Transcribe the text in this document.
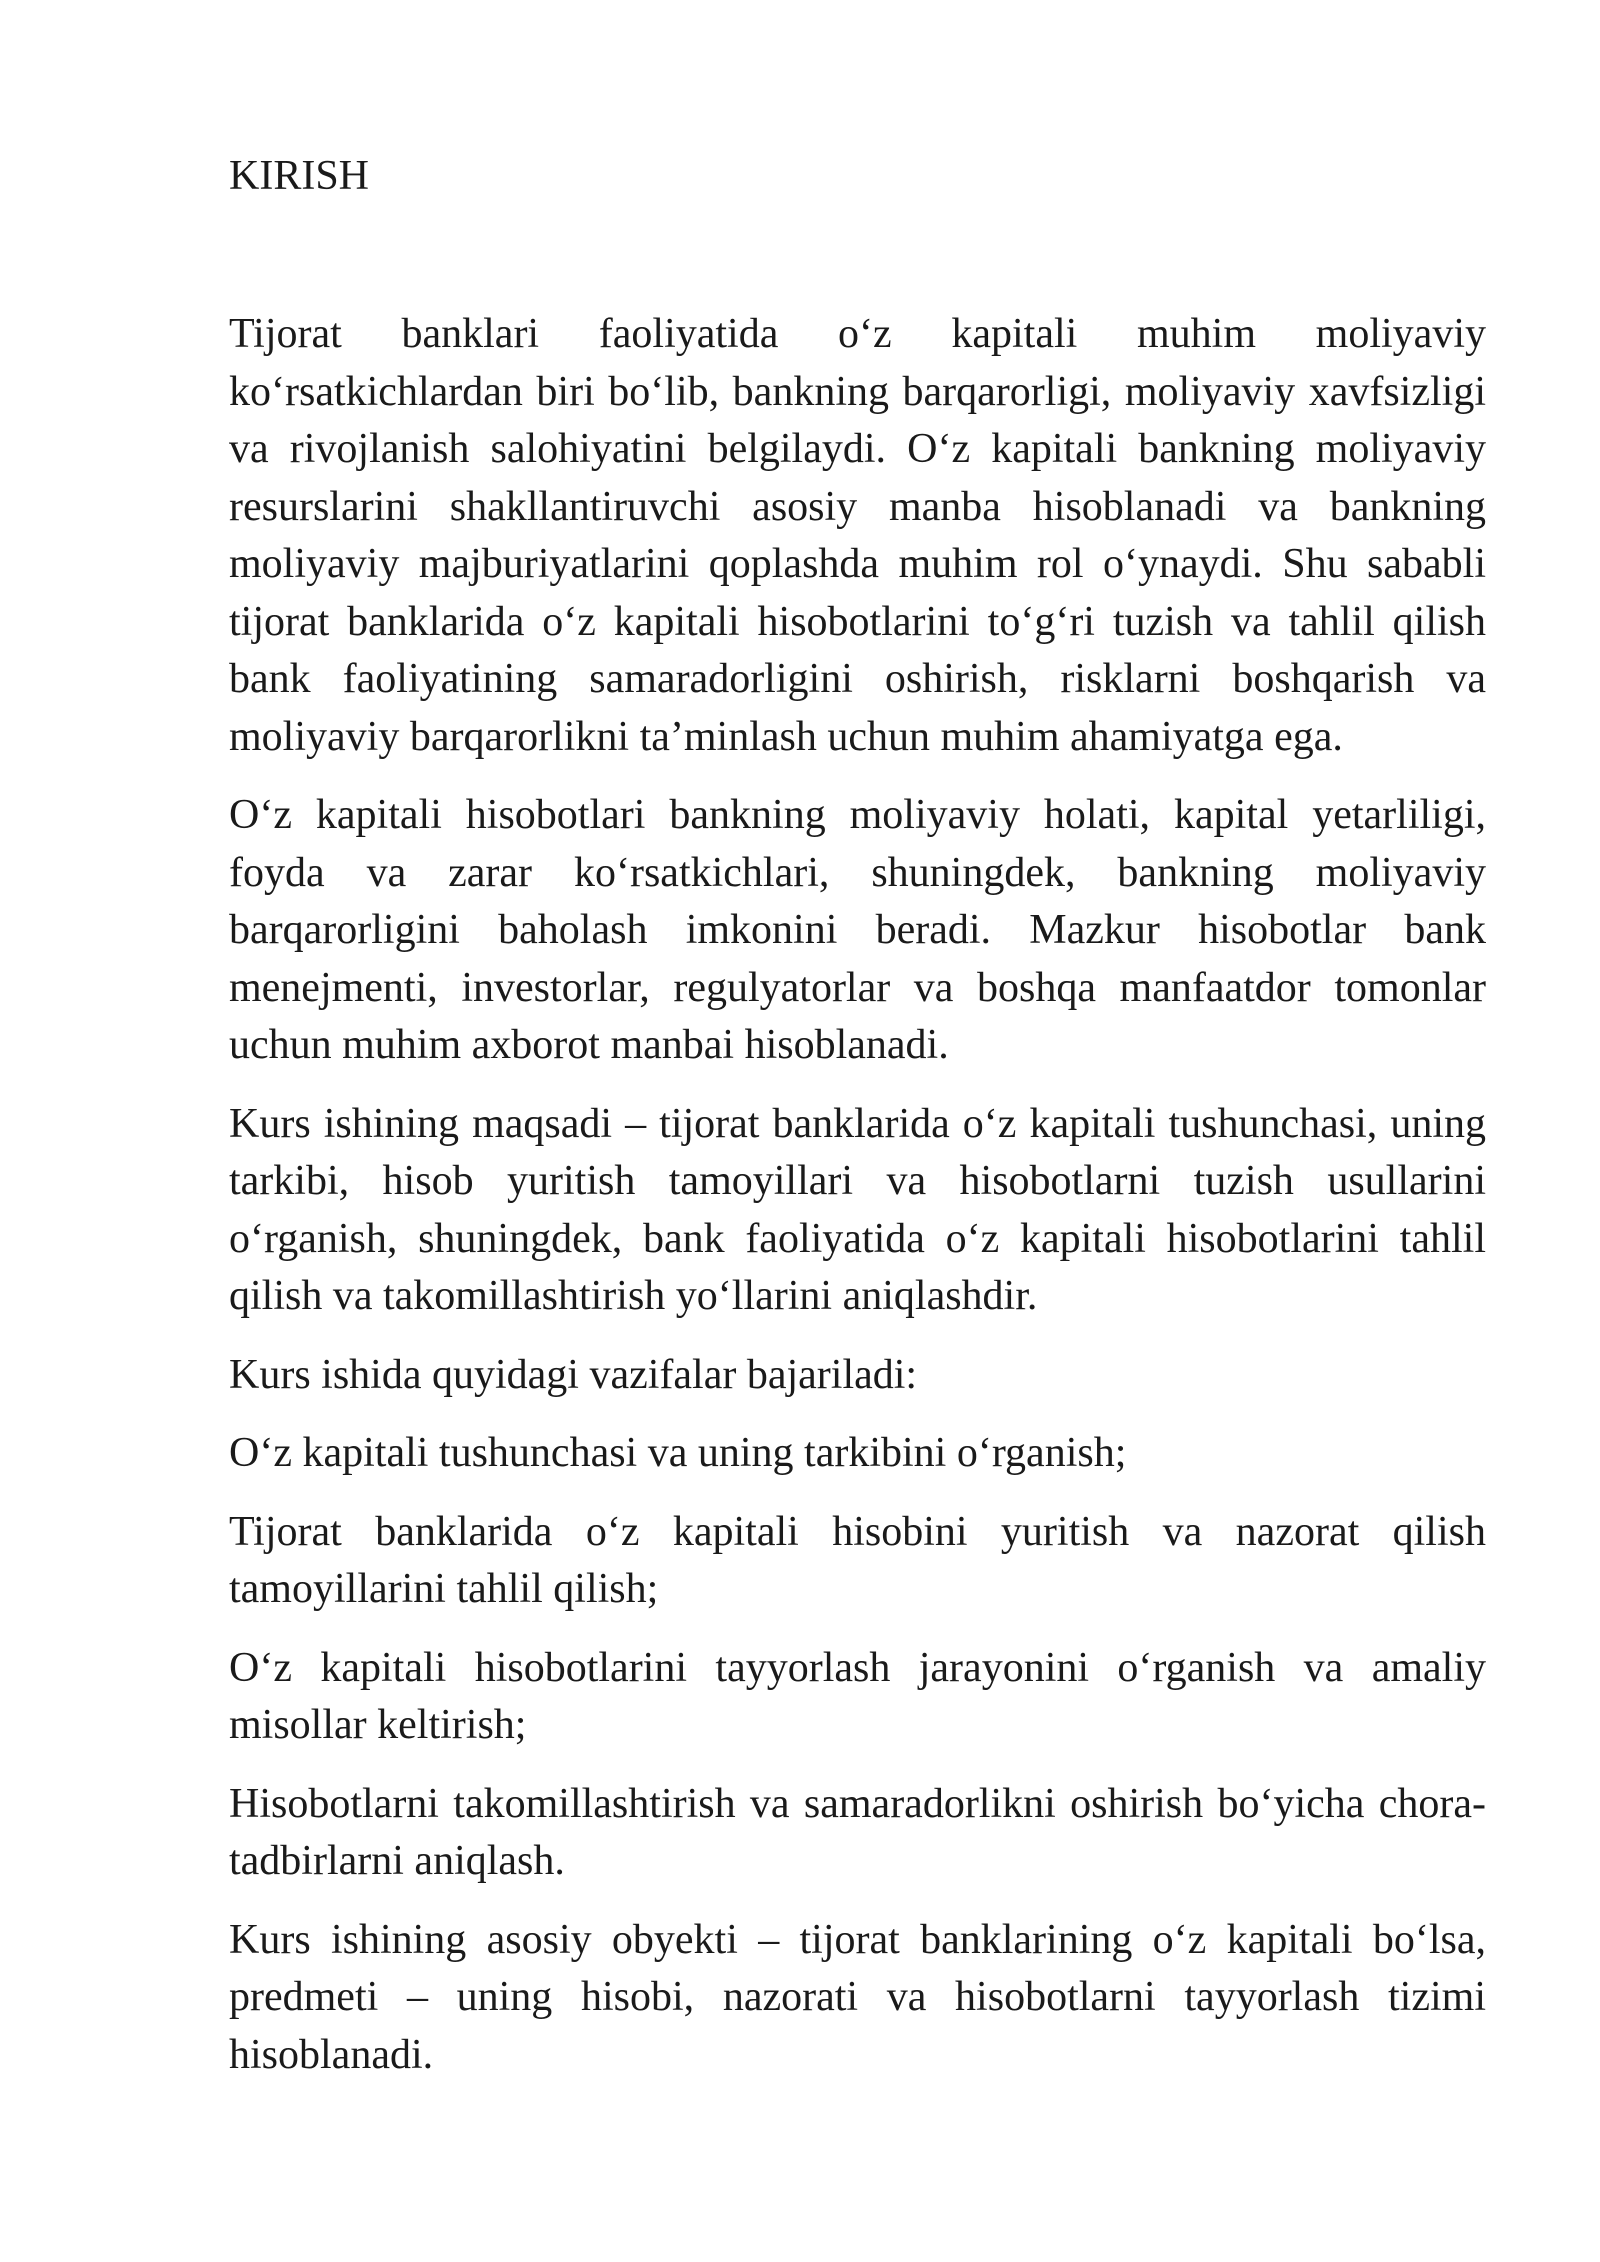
KIRISH

Tijorat banklari faoliyatida o‘z kapitali muhim moliyaviy ko‘rsatkichlardan biri bo‘lib, bankning barqarorligi, moliyaviy xavfsizligi va rivojlanish salohiyatini belgilaydi. O‘z kapitali bankning moliyaviy resurslarini shakllantiruvchi asosiy manba hisoblanadi va bankning moliyaviy majburiyatlarini qoplashda muhim rol o‘ynaydi. Shu sababli tijorat banklarida o‘z kapitali hisobotlarini to‘g‘ri tuzish va tahlil qilish bank faoliyatining samaradorligini oshirish, risklarni boshqarish va moliyaviy barqarorlikni ta’minlash uchun muhim ahamiyatga ega.

O‘z kapitali hisobotlari bankning moliyaviy holati, kapital yetarliligi, foyda va zarar ko‘rsatkichlari, shuningdek, bankning moliyaviy barqarorligini baholash imkonini beradi. Mazkur hisobotlar bank menejmenti, investorlar, regulyatorlar va boshqa manfaatdor tomonlar uchun muhim axborot manbai hisoblanadi.

Kurs ishining maqsadi – tijorat banklarida o‘z kapitali tushunchasi, uning tarkibi, hisob yuritish tamoyillari va hisobotlarni tuzish usullarini o‘rganish, shuningdek, bank faoliyatida o‘z kapitali hisobotlarini tahlil qilish va takomillashtirish yo‘llarini aniqlashdir.

Kurs ishida quyidagi vazifalar bajariladi:

O‘z kapitali tushunchasi va uning tarkibini o‘rganish;

Tijorat banklarida o‘z kapitali hisobini yuritish va nazorat qilish tamoyillarini tahlil qilish;

O‘z kapitali hisobotlarini tayyorlash jarayonini o‘rganish va amaliy misollar keltirish;

Hisobotlarni takomillashtirish va samaradorlikni oshirish bo‘yicha chora-tadbirlarni aniqlash.

Kurs ishining asosiy obyekti – tijorat banklarining o‘z kapitali bo‘lsa, predmeti – uning hisobi, nazorati va hisobotlarni tayyorlash tizimi hisoblanadi.
